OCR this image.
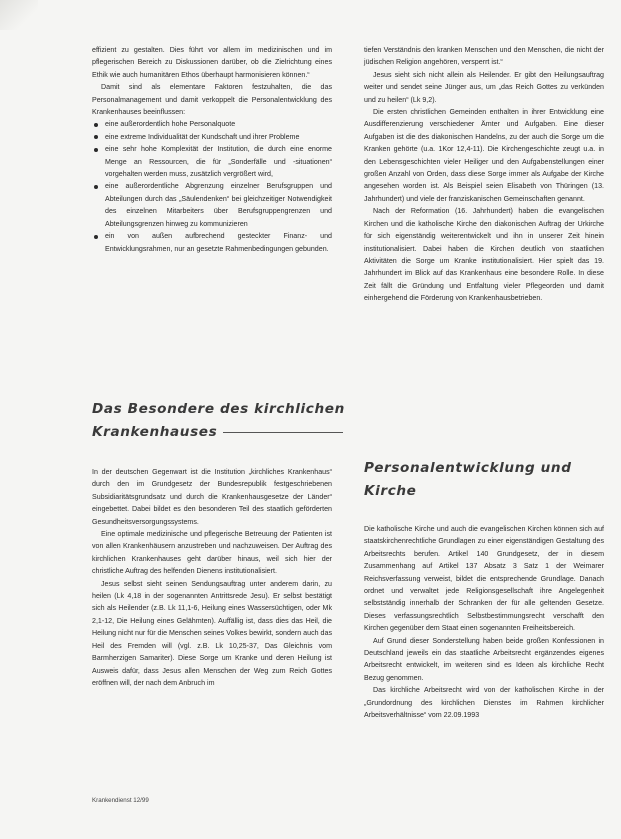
effizient zu gestalten. Dies führt vor allem im medizinischen und im pflegerischen Bereich zu Diskussionen darüber, ob die Zielrichtung eines Ethik wie auch humanitären Ethos überhaupt harmonisieren können.“

Damit sind als elementare Faktoren festzuhalten, die das Personalmanagement und damit verkoppelt die Personalentwicklung des Krankenhauses beeinflussen:

eine außerordentlich hohe Personalquote
eine extreme Individualität der Kundschaft und ihrer Probleme
eine sehr hohe Komplexität der Institution, die durch eine enorme Menge an Ressourcen, die für „Sonderfälle und -situationen“ vorgehalten werden muss, zusätzlich vergrößert wird,
eine außerordentliche Abgrenzung einzelner Berufsgruppen und Abteilungen durch das „Säulendenken“ bei gleichzeitiger Notwendigkeit des einzelnen Mitarbeiters über Berufsgruppengrenzen und Abteilungsgrenzen hinweg zu kommunizieren
ein von außen aufbrechend gesteckter Finanz- und Entwicklungsrahmen, nur an gesetzte Rahmenbedingungen gebunden.
Das Besondere des kirchlichen
Krankenhauses

In der deutschen Gegenwart ist die Institution „kirchliches Krankenhaus“ durch den im Grundgesetz der Bundesrepublik festgeschriebenen Subsidiaritätsgrundsatz und durch die Krankenhausgesetze der Länder“ eingebettet. Dabei bildet es den besonderen Teil des staatlich geförderten Gesundheitsversorgungssystems.

Eine optimale medizinische und pflegerische Betreuung der Patienten ist von allen Krankenhäusern anzustreben und nachzuweisen. Der Auftrag des kirchlichen Krankenhauses geht darüber hinaus, weil sich hier der christliche Auftrag des helfenden Dienens institutionalisiert.

Jesus selbst sieht seinen Sendungsauftrag unter anderem darin, zu heilen (Lk 4,18 in der sogenannten Antrittsrede Jesu). Er selbst bestätigt sich als Heilender (z.B. Lk 11,1-6, Heilung eines Wassersüchtigen, oder Mk 2,1-12, Die Heilung eines Gelähmten). Auffällig ist, dass dies das Heil, die Heilung nicht nur für die Menschen seines Volkes bewirkt, sondern auch das Heil des Fremden will (vgl. z.B. Lk 10,25-37, Das Gleichnis vom Barmherzigen Samariter). Diese Sorge um Kranke und deren Heilung ist Ausweis dafür, dass Jesus allen Menschen der Weg zum Reich Gottes eröffnen will, der nach dem Anbruch im

tiefen Verständnis den kranken Menschen und den Menschen, die nicht der jüdischen Religion angehören, versperrt ist.“

Jesus sieht sich nicht allein als Heilender. Er gibt den Heilungsauftrag weiter und sendet seine Jünger aus, um „das Reich Gottes zu verkünden und zu heilen“ (Lk 9,2).

Die ersten christlichen Gemeinden enthalten in ihrer Entwicklung eine Ausdifferenzierung verschiedener Ämter und Aufgaben. Eine dieser Aufgaben ist die des diakonischen Handelns, zu der auch die Sorge um die Kranken gehörte (u.a. 1Kor 12,4-11). Die Kirchengeschichte zeugt u.a. in den Lebensgeschichten vieler Heiliger und den Aufgabenstellungen einer großen Anzahl von Orden, dass diese Sorge immer als Aufgabe der Kirche angesehen worden ist. Als Beispiel seien Elisabeth von Thüringen (13. Jahrhundert) und viele der franziskanischen Gemeinschaften genannt.

Nach der Reformation (16. Jahrhundert) haben die evangelischen Kirchen und die katholische Kirche den diakonischen Auftrag der Urkirche für sich eigenständig weiterentwickelt und ihn in unserer Zeit hinein institutionalisiert. Dabei haben die Kirchen deutlich von staatlichen Aktivitäten die Sorge um Kranke institutionalisiert. Hier spielt das 19. Jahrhundert im Blick auf das Krankenhaus eine besondere Rolle. In diese Zeit fällt die Gründung und Entfaltung vieler Pflegeorden und damit einhergehend die Förderung von Krankenhausbetrieben.

Personalentwicklung und Kirche

Die katholische Kirche und auch die evangelischen Kirchen können sich auf staatskirchenrechtliche Grundlagen zu einer eigenständigen Gestaltung des Arbeitsrechts berufen. Artikel 140 Grundgesetz, der in diesem Zusammenhang auf Artikel 137 Absatz 3 Satz 1 der Weimarer Reichsverfassung verweist, bildet die entsprechende Grundlage. Danach ordnet und verwaltet jede Religionsgesellschaft ihre Angelegenheit selbstständig innerhalb der Schranken der für alle geltenden Gesetze. Dieses verfassungsrechtlich Selbstbestimmungsrecht verschafft den Kirchen gegenüber dem Staat einen sogenannten Freiheitsbereich.

Auf Grund dieser Sonderstellung haben beide großen Konfessionen in Deutschland jeweils ein das staatliche Arbeitsrecht ergänzendes eigenes Arbeitsrecht entwickelt, im weiteren sind es Ideen als kirchliche Recht Bezug genommen.

Das kirchliche Arbeitsrecht wird von der katholischen Kirche in der „Grundordnung des kirchlichen Dienstes im Rahmen kirchlicher Arbeitsverhältnisse“ vom 22.09.1993

Krankendienst 12/99
